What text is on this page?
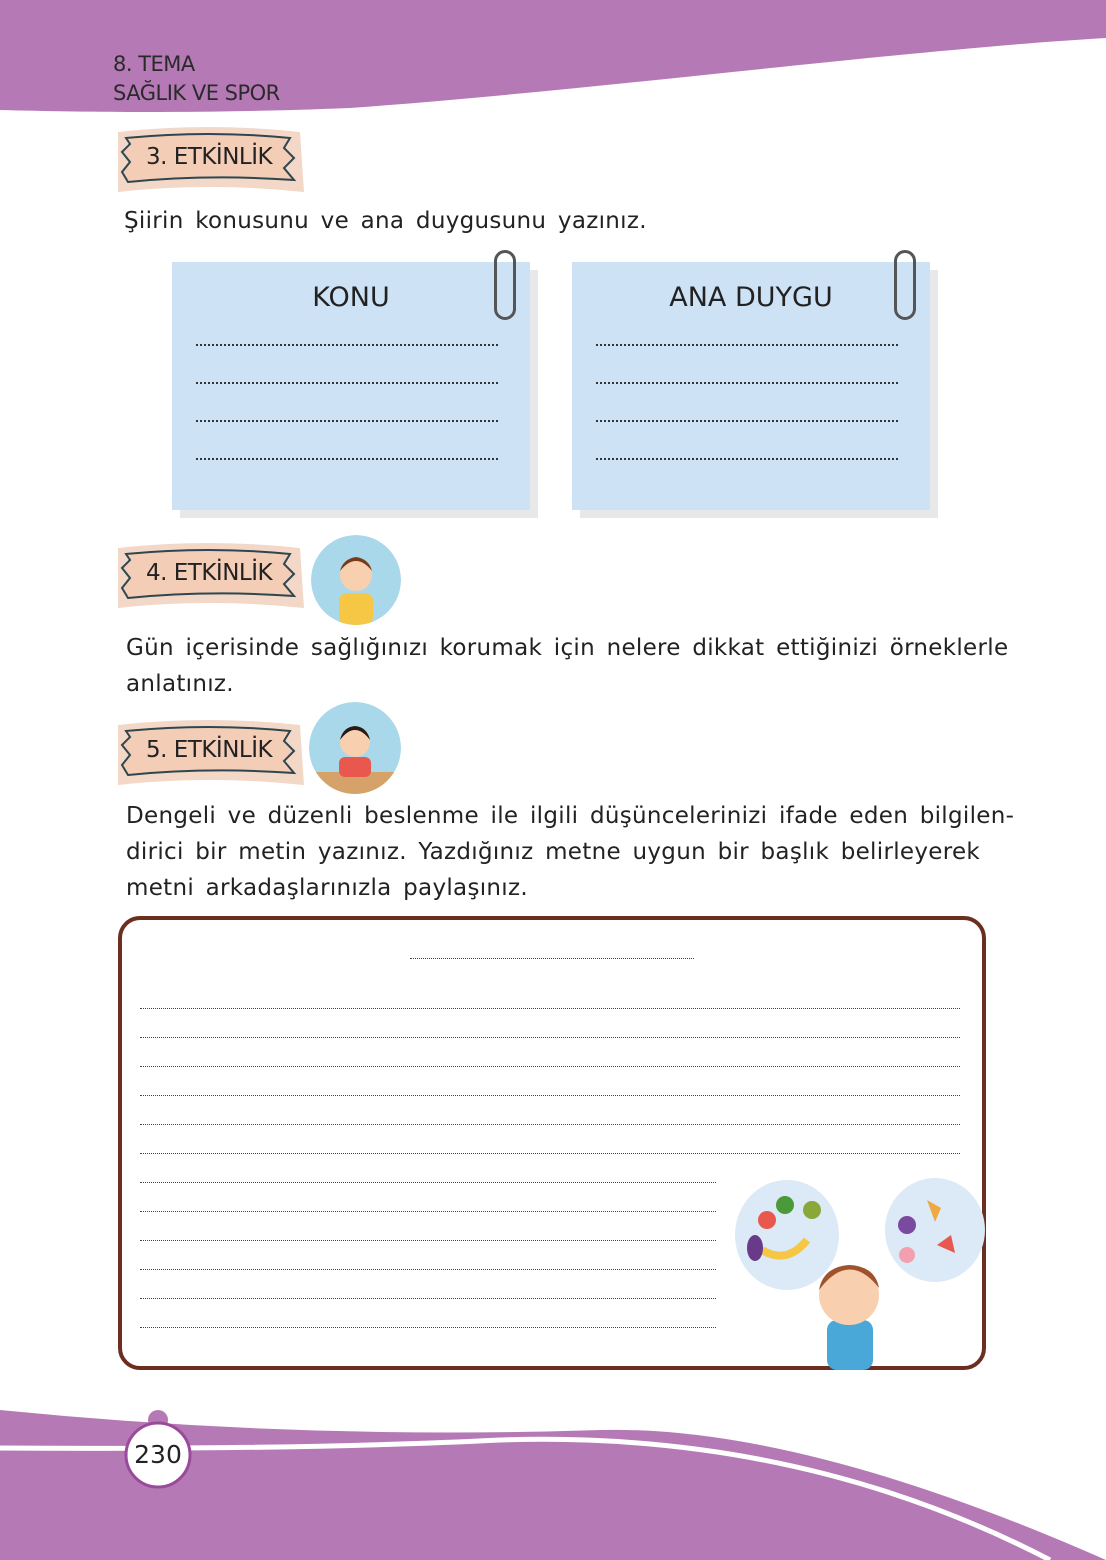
8. TEMA
SAĞLIK VE SPOR
3. ETKİNLİK
Şiirin konusunu ve ana duygusunu yazınız.
KONU	ANA DUYGU
4. ETKİNLİK
Gün içerisinde sağlığınızı korumak için nelere dikkat ettiğinizi örneklerle
anlatınız.
5. ETKİNLİK
Dengeli ve düzenli beslenme ile ilgili düşüncelerinizi ifade eden bilgilen-
dirici bir metin yazınız. Yazdığınız metne uygun bir başlık belirleyerek
metni arkadaşlarınızla paylaşınız.
230
